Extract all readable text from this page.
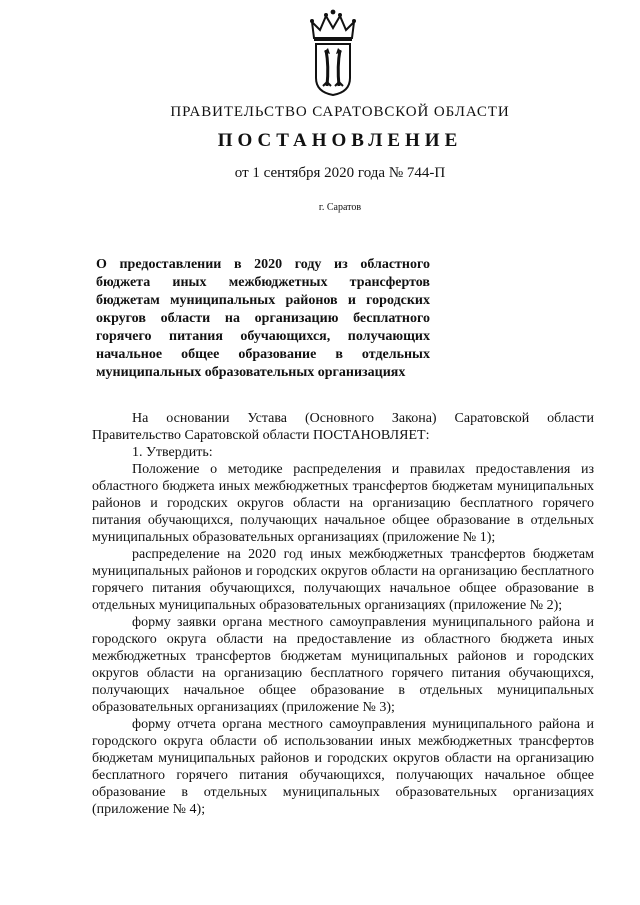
ПРАВИТЕЛЬСТВО САРАТОВСКОЙ ОБЛАСТИ
ПОСТАНОВЛЕНИЕ
от 1 сентября 2020 года № 744-П
г. Саратов
О предоставлении в 2020 году из областного
бюджета иных межбюджетных трансфертов
бюджетам муниципальных районов и городских
округов области на организацию бесплатного
горячего питания обучающихся, получающих
начальное общее образование в отдельных
муниципальных образовательных организациях

На основании Устава (Основного Закона) Саратовской области Правительство Саратовской области ПОСТАНОВЛЯЕТ:

1. Утвердить:

Положение о методике распределения и правилах предоставления из областного бюджета иных межбюджетных трансфертов бюджетам муниципальных районов и городских округов области на организацию бесплатного горячего питания обучающихся, получающих начальное общее образование в отдельных муниципальных образовательных организациях (приложение № 1);

распределение на 2020 год иных межбюджетных трансфертов бюджетам муниципальных районов и городских округов области на организацию бесплатного горячего питания обучающихся, получающих начальное общее образование в отдельных муниципальных образовательных организациях (приложение № 2);

форму заявки органа местного самоуправления муниципального района и городского округа области на предоставление из областного бюджета иных межбюджетных трансфертов бюджетам муниципальных районов и городских округов области на организацию бесплатного горячего питания обучающихся, получающих начальное общее образование в отдельных муниципальных образовательных организациях (приложение № 3);

форму отчета органа местного самоуправления муниципального района и городского округа области об использовании иных межбюджетных трансфертов бюджетам муниципальных районов и городских округов области на организацию бесплатного горячего питания обучающихся, получающих начальное общее образование в отдельных муниципальных образовательных организациях (приложение № 4);
